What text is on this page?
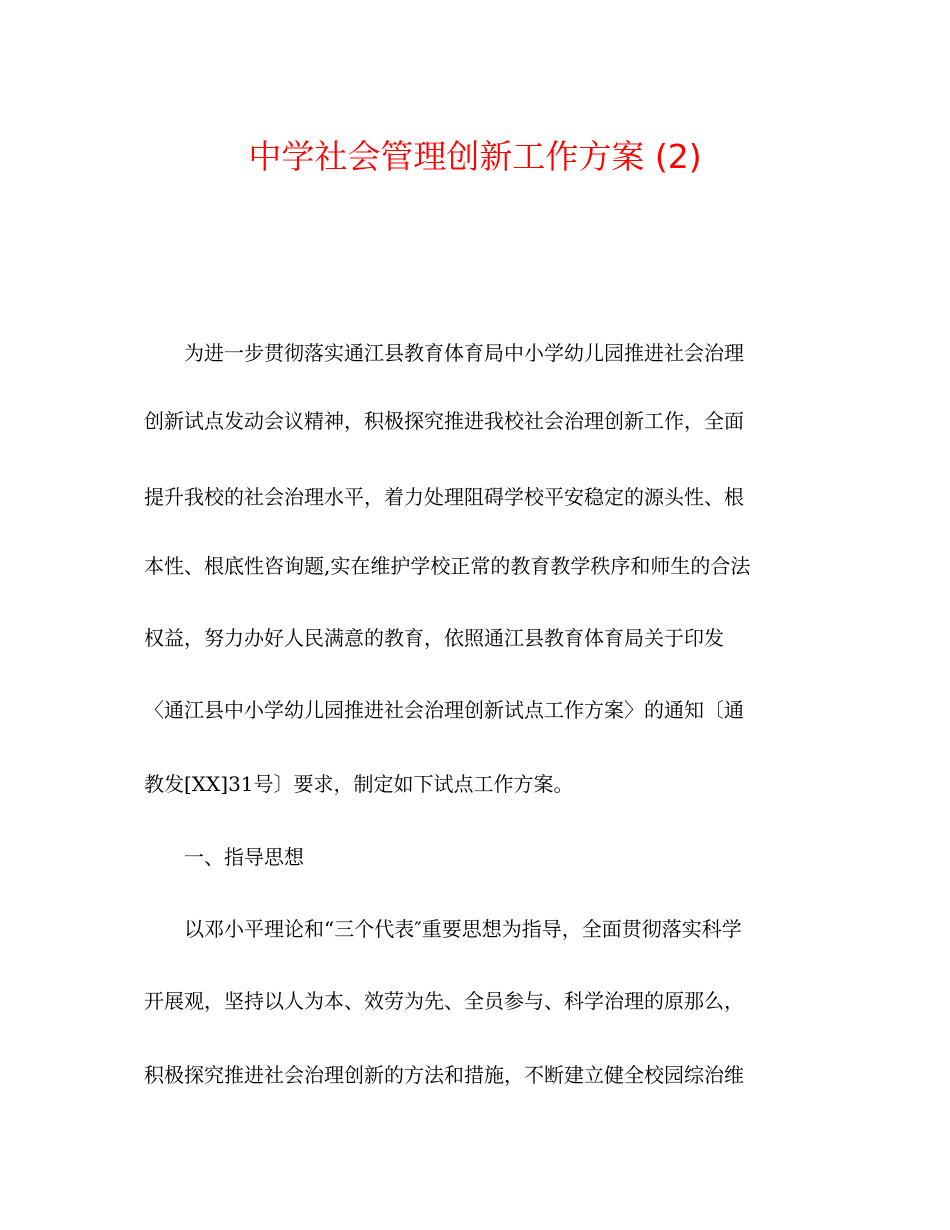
中学社会管理创新工作方案 (2)
为进一步贯彻落实通江县教育体育局中小学幼儿园推进社会治理
创新试点发动会议精神，积极探究推进我校社会治理创新工作，全面
提升我校的社会治理水平，着力处理阻碍学校平安稳定的源头性、根
本性、根底性咨询题,实在维护学校正常的教育教学秩序和师生的合法
权益，努力办好人民满意的教育，依照通江县教育体育局关于印发
〈通江县中小学幼儿园推进社会治理创新试点工作方案〉的通知〔通
教发[XX]31号〕要求，制定如下试点工作方案。
一、指导思想
以邓小平理论和“三个代表″重要思想为指导，全面贯彻落实科学
开展观，坚持以人为本、效劳为先、全员参与、科学治理的原那么，
积极探究推进社会治理创新的方法和措施，不断建立健全校园综治维
